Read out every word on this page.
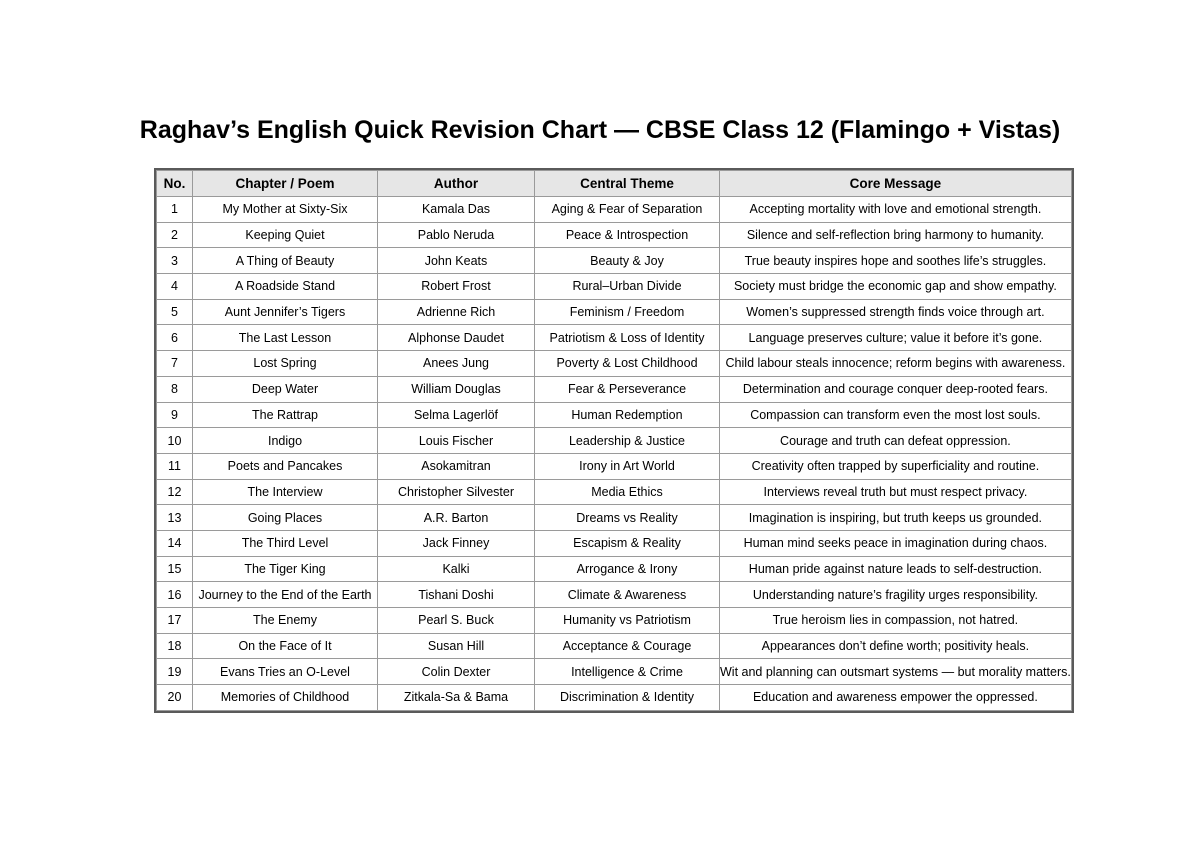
Raghav’s English Quick Revision Chart — CBSE Class 12 (Flamingo + Vistas)
No.	Chapter / Poem	Author	Central Theme	Core Message
1	My Mother at Sixty-Six	Kamala Das	Aging & Fear of Separation	Accepting mortality with love and emotional strength.
2	Keeping Quiet	Pablo Neruda	Peace & Introspection	Silence and self-reflection bring harmony to humanity.
3	A Thing of Beauty	John Keats	Beauty & Joy	True beauty inspires hope and soothes life’s struggles.
4	A Roadside Stand	Robert Frost	Rural–Urban Divide	Society must bridge the economic gap and show empathy.
5	Aunt Jennifer’s Tigers	Adrienne Rich	Feminism / Freedom	Women’s suppressed strength finds voice through art.
6	The Last Lesson	Alphonse Daudet	Patriotism & Loss of Identity	Language preserves culture; value it before it’s gone.
7	Lost Spring	Anees Jung	Poverty & Lost Childhood	Child labour steals innocence; reform begins with awareness.
8	Deep Water	William Douglas	Fear & Perseverance	Determination and courage conquer deep-rooted fears.
9	The Rattrap	Selma Lagerlöf	Human Redemption	Compassion can transform even the most lost souls.
10	Indigo	Louis Fischer	Leadership & Justice	Courage and truth can defeat oppression.
11	Poets and Pancakes	Asokamitran	Irony in Art World	Creativity often trapped by superficiality and routine.
12	The Interview	Christopher Silvester	Media Ethics	Interviews reveal truth but must respect privacy.
13	Going Places	A.R. Barton	Dreams vs Reality	Imagination is inspiring, but truth keeps us grounded.
14	The Third Level	Jack Finney	Escapism & Reality	Human mind seeks peace in imagination during chaos.
15	The Tiger King	Kalki	Arrogance & Irony	Human pride against nature leads to self-destruction.
16	Journey to the End of the Earth	Tishani Doshi	Climate & Awareness	Understanding nature’s fragility urges responsibility.
17	The Enemy	Pearl S. Buck	Humanity vs Patriotism	True heroism lies in compassion, not hatred.
18	On the Face of It	Susan Hill	Acceptance & Courage	Appearances don’t define worth; positivity heals.
19	Evans Tries an O-Level	Colin Dexter	Intelligence & Crime	Wit and planning can outsmart systems — but morality matters.
20	Memories of Childhood	Zitkala-Sa & Bama	Discrimination & Identity	Education and awareness empower the oppressed.
